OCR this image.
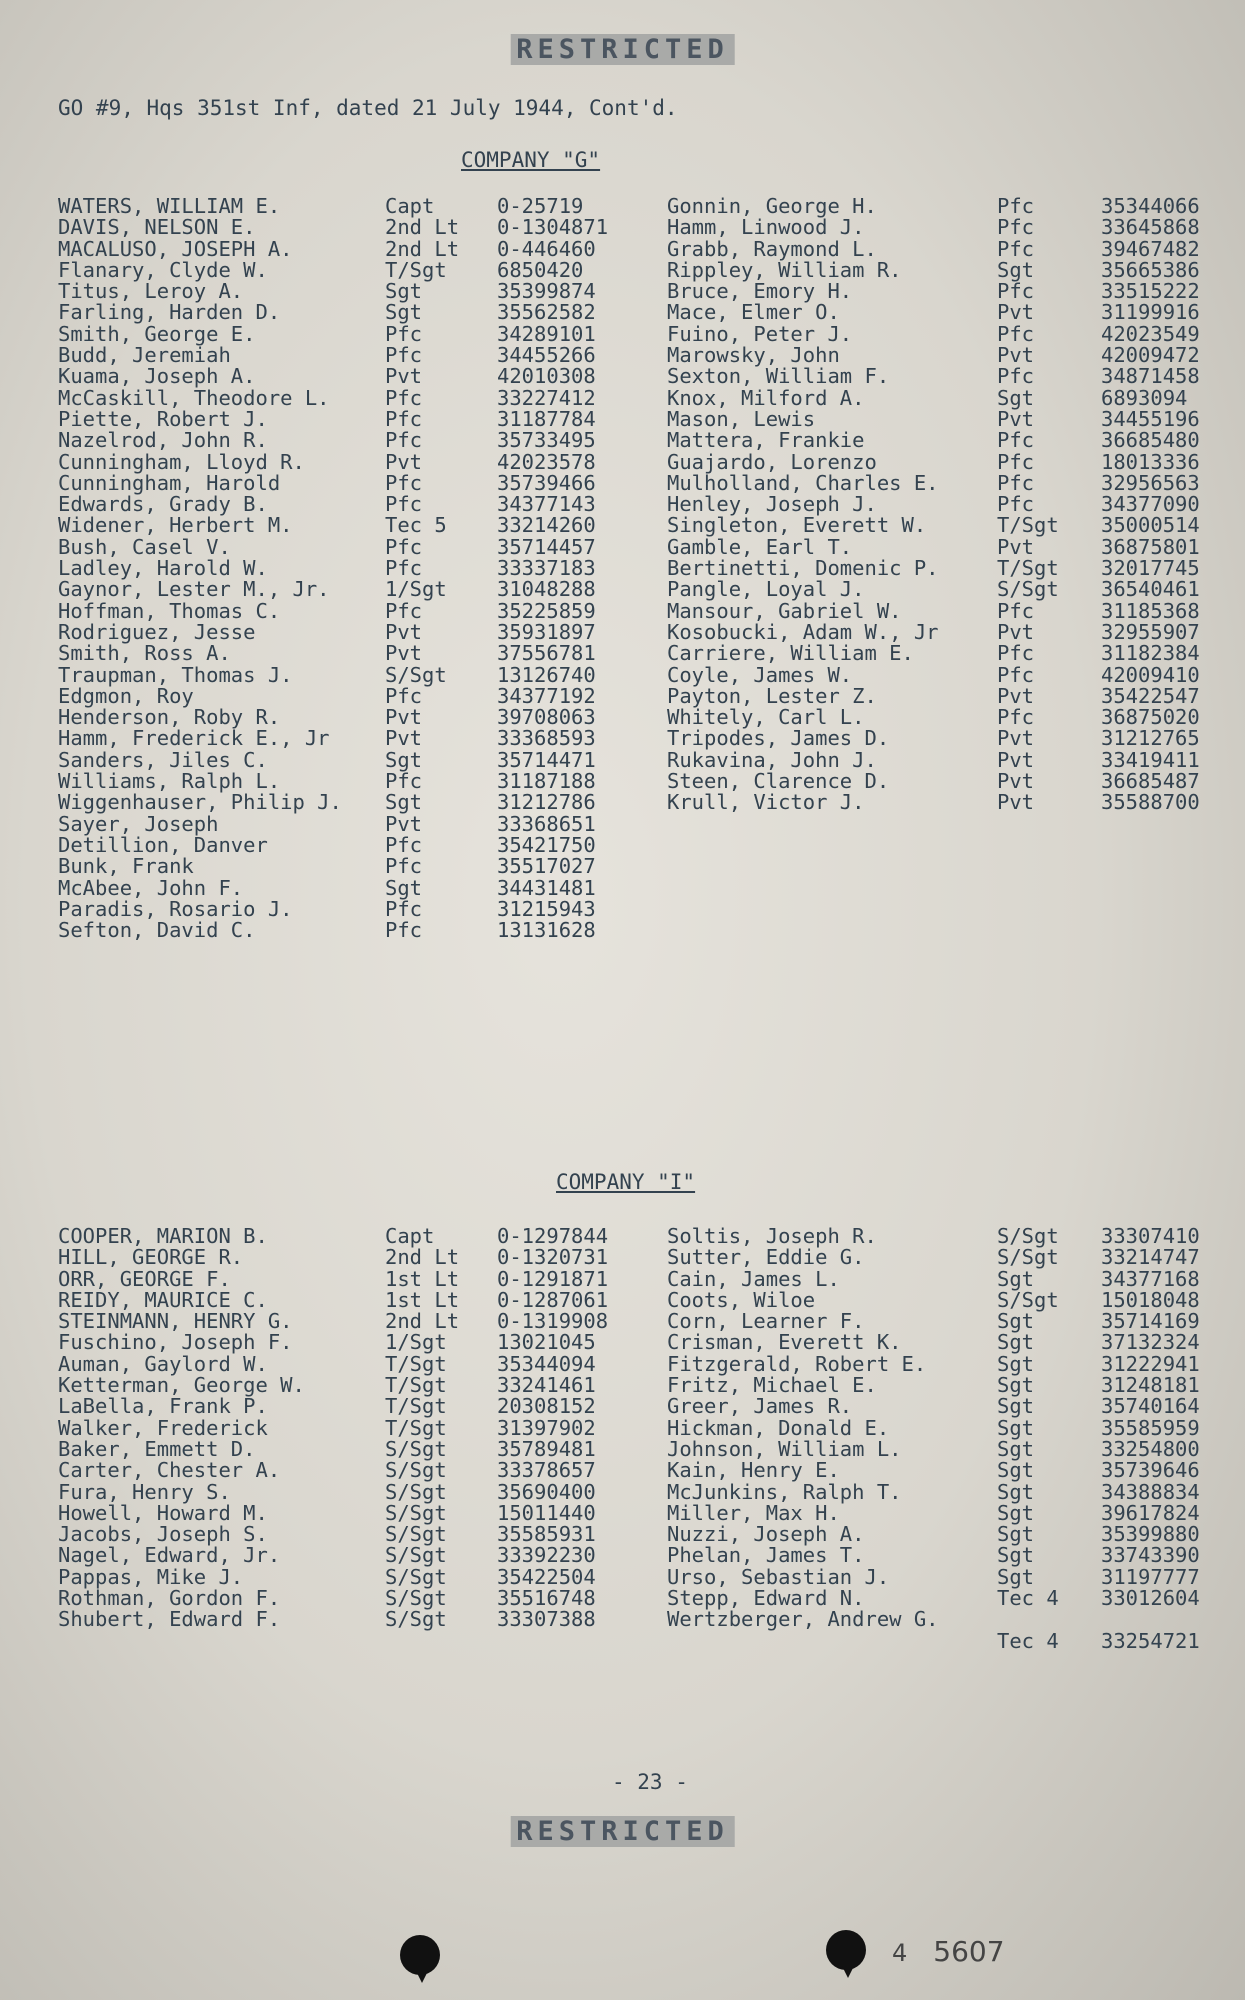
RESTRICTED
GO #9, Hqs 351st Inf, dated 21 July 1944, Cont'd.
COMPANY "G"
WATERS, WILLIAM E.	Capt	0-25719
DAVIS, NELSON E.	2nd Lt 0-1304871
MACALUSO, JOSEPH A.	2nd Lt 0-446460
Flanary, Clyde W.	T/Sgt 6850420
Titus, Leroy A.	Sgt	35399874
Farling, Harden D.	Sgt	35562582
Smith, George E.	Pfc	34289101
Budd, Jeremiah	Pfc	34455266
Kuama, Joseph A.	Pvt	42010308
McCaskill, Theodore L.	Pfc	33227412
Piette, Robert J.	Pfc	31187784
Nazelrod, John R.	Pfc	35733495
Cunningham, Lloyd R.	Pvt	42023578
Cunningham, Harold	Pfc	35739466
Edwards, Grady B.	Pfc	34377143
Widener, Herbert M.	Tec 5 33214260
Bush, Casel V.	Pfc	35714457
Ladley, Harold W.	Pfc	33337183
Gaynor, Lester M., Jr.	1/Sgt 31048288
Hoffman, Thomas C.	Pfc	35225859
Rodriguez, Jesse	Pvt	35931897
Smith, Ross A.	Pvt	37556781
Traupman, Thomas J.	S/Sgt 13126740
Edgmon, Roy	Pfc	34377192
Henderson, Roby R.	Pvt	39708063
Hamm, Frederick E., Jr	Pvt	33368593
Sanders, Jiles C.	Sgt	35714471
Williams, Ralph L.	Pfc	31187188
Wiggenhauser, Philip J. Sgt	31212786
Sayer, Joseph	Pvt	33368651
Detillion, Danver	Pfc	35421750
Bunk, Frank	Pfc	35517027
McAbee, John F.	Sgt	34431481
Paradis, Rosario J.	Pfc	31215943
Sefton, David C.	Pfc	13131628
Gonnin, George H.	Pfc	35344066
Hamm, Linwood J.	Pfc	33645868
Grabb, Raymond L.	Pfc	39467482
Rippley, William R.	Sgt	35665386
Bruce, Emory H.	Pfc	33515222
Mace, Elmer O.	Pvt	31199916
Fuino, Peter J.	Pfc	42023549
Marowsky, John	Pvt	42009472
Sexton, William F.	Pfc	34871458
Knox, Milford A.	Sgt	6893094
Mason, Lewis	Pvt	34455196
Mattera, Frankie	Pfc	36685480
Guajardo, Lorenzo	Pfc	18013336
Mulholland, Charles E.	Pfc	32956563
Henley, Joseph J.	Pfc	34377090
Singleton, Everett W.	T/Sgt 35000514
Gamble, Earl T.	Pvt	36875801
Bertinetti, Domenic P.	T/Sgt 32017745
Pangle, Loyal J.	S/Sgt 36540461
Mansour, Gabriel W.	Pfc	31185368
Kosobucki, Adam W., Jr	Pvt	32955907
Carriere, William E.	Pfc	31182384
Coyle, James W.	Pfc	42009410
Payton, Lester Z.	Pvt	35422547
Whitely, Carl L.	Pfc	36875020
Tripodes, James D.	Pvt	31212765
Rukavina, John J.	Pvt	33419411
Steen, Clarence D.	Pvt	36685487
Krull, Victor J.	Pvt	35588700
COMPANY "I"
COOPER, MARION B.	Capt	0-1297844
HILL, GEORGE R.	2nd Lt 0-1320731
ORR, GEORGE F.	1st Lt 0-1291871
REIDY, MAURICE C.	1st Lt 0-1287061
STEINMANN, HENRY G.	2nd Lt 0-1319908
Fuschino, Joseph F.	1/Sgt 13021045
Auman, Gaylord W.	T/Sgt 35344094
Ketterman, George W.	T/Sgt 33241461
LaBella, Frank P.	T/Sgt 20308152
Walker, Frederick	T/Sgt 31397902
Baker, Emmett D.	S/Sgt 35789481
Carter, Chester A.	S/Sgt 33378657
Fura, Henry S.	S/Sgt 35690400
Howell, Howard M.	S/Sgt 15011440
Jacobs, Joseph S.	S/Sgt 35585931
Nagel, Edward, Jr.	S/Sgt 33392230
Pappas, Mike J.	S/Sgt 35422504
Rothman, Gordon F.	S/Sgt 35516748
Shubert, Edward F.	S/Sgt 33307388
Soltis, Joseph R.	S/Sgt 33307410
Sutter, Eddie G.	S/Sgt 33214747
Cain, James L.	Sgt	34377168
Coots, Wiloe	S/Sgt 15018048
Corn, Learner F.	Sgt	35714169
Crisman, Everett K.	Sgt	37132324
Fitzgerald, Robert E.	Sgt	31222941
Fritz, Michael E.	Sgt	31248181
Greer, James R.	Sgt	35740164
Hickman, Donald E.	Sgt	35585959
Johnson, William L.	Sgt	33254800
Kain, Henry E.	Sgt	35739646
McJunkins, Ralph T.	Sgt	34388834
Miller, Max H.	Sgt	39617824
Nuzzi, Joseph A.	Sgt	35399880
Phelan, James T.	Sgt	33743390
Urso, Sebastian J.	Sgt	31197777
Stepp, Edward N.	Tec 4 33012604
Wertzberger, Andrew G.
Tec 4 33254721
- 23 -
RESTRICTED
4 5607
